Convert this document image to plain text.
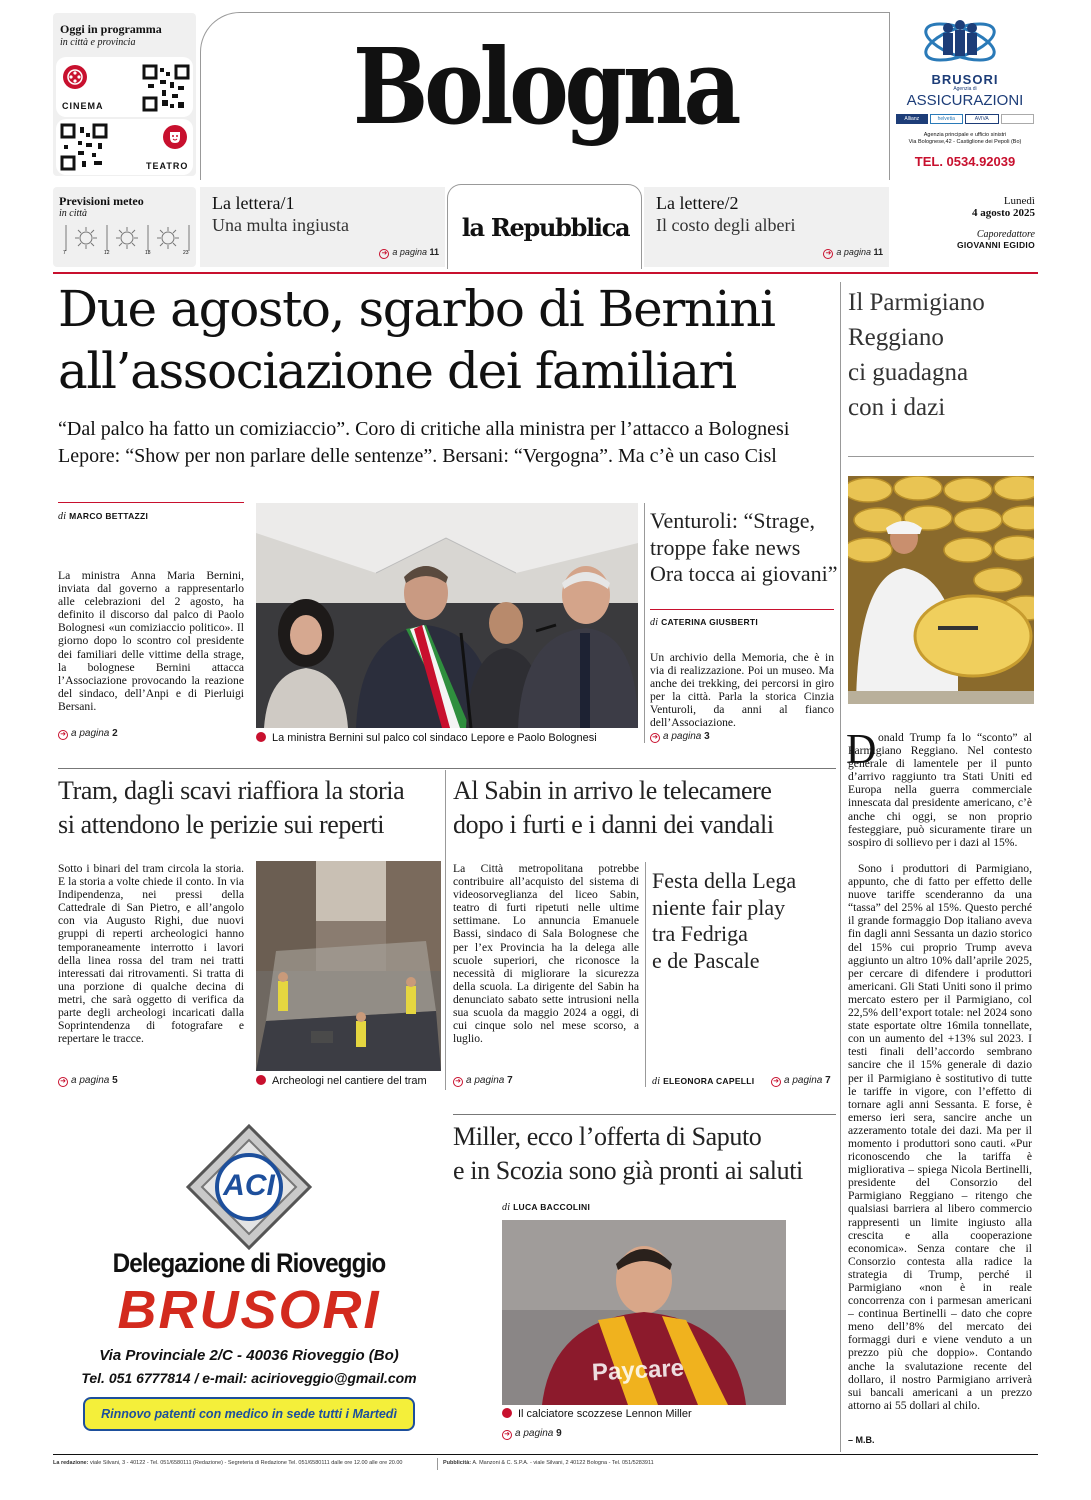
Oggi in programma
in città e provincia
CINEMA
TEATRO
Bologna	BRUSORI
Agenzia di
ASSICURAZIONI
Allianz	helvetia	AVIVA
Agenzia principale e ufficio sinistri
Via Bolognese,42 - Castiglione dei Pepoli (Bo)
TEL. 0534.92039
Previsioni meteo
in città
7	12	18	23
La lettera/1
Una multa ingiusta
➜ a pagina 11
la Repubblica
La lettere/2
Il costo degli alberi
➜ a pagina 11
Lunedì
4 agosto 2025
Caporedattore
GIOVANNI EGIDIO
Due agosto, sgarbo di Bernini
all’associazione dei familiari
“Dal palco ha fatto un comiziaccio”. Coro di critiche alla ministra per l’attacco a Bolognesi
Lepore: “Show per non parlare delle sentenze”. Bersani: “Vergogna”. Ma c’è un caso Cisl
di MARCO BETTAZZI
La ministra Anna Maria Bernini, inviata dal governo a rappresentarlo alle celebrazioni del 2 agosto, ha definito il discorso dal palco di Paolo Bolognesi «un comiziaccio politico». Il giorno dopo lo scontro col presidente dei familiari delle vittime della strage, la bolognese Bernini attacca l’Associazione provocando la reazione del sindaco, dell’Anpi e di Pierluigi Bersani.
➜ a pagina 2	La ministra Bernini sul palco col sindaco Lepore e Paolo Bolognesi
Venturoli: “Strage,
troppe fake news
Ora tocca ai giovani”
di CATERINA GIUSBERTI
Un archivio della Memoria, che è in via di realizzazione. Poi un museo. Ma anche dei trekking, dei percorsi in giro per la città. Parla la storica Cinzia Venturoli, da anni al fianco dell’Associazione.
➜ a pagina 3
Il Parmigiano
Reggiano
ci guadagna
con i dazi
D onald Trump fa lo “sconto” al Parmigiano Reggiano. Nel contesto generale di lamentele per il punto d’arrivo raggiunto tra Stati Uniti ed Europa nella guerra commerciale innescata dal presidente americano, c’è anche chi oggi, se non proprio festeggiare, può sicuramente tirare un sospiro di sollievo per i dazi al 15%.
Sono i produttori di Parmigiano, appunto, che di fatto per effetto delle nuove tariffe scenderanno da una “tassa” del 25% al 15%. Questo perché il grande formaggio Dop italiano aveva fin dagli anni Sessanta un dazio storico del 15% cui proprio Trump aveva aggiunto un altro 10% dall’aprile 2025, per cercare di difendere i produttori americani. Gli Stati Uniti sono il primo mercato estero per il Parmigiano, col 22,5% dell’export totale: nel 2024 sono state esportate oltre 16mila tonnellate, con un aumento del +13% sul 2023. I testi finali dell’accordo sembrano sancire che il 15% generale di dazio per il Parmigiano è sostitutivo di tutte le tariffe in vigore, con l’effetto di tornare agli anni Sessanta. E forse, è emerso ieri sera, sancire anche un azzeramento totale dei dazi. Ma per il momento i produttori sono cauti. «Pur riconoscendo che la tariffa è migliorativa – spiega Nicola Bertinelli, presidente del Consorzio del Parmigiano Reggiano – ritengo che qualsiasi barriera al libero commercio rappresenti un limite ingiusto alla crescita e alla cooperazione economica». Senza contare che il Consorzio contesta alla radice la strategia di Trump, perché il Parmigiano «non è in reale concorrenza con i parmesan americani – continua Bertinelli – dato che copre meno dell’8% del mercato dei formaggi duri e viene venduto a un prezzo più che doppio». Contando anche la svalutazione recente del dollaro, il nostro Parmigiano arriverà sui bancali americani a un prezzo attorno ai 55 dollari al chilo.
– M.B.
Tram, dagli scavi riaffiora la storia
si attendono le perizie sui reperti
Sotto i binari del tram circola la storia. E la storia a volte chiede il conto. In via Indipendenza, nei pressi della Cattedrale di San Pietro, e all’angolo con via Augusto Righi, due nuovi gruppi di reperti archeologici hanno temporaneamente interrotto i lavori della linea rossa del tram nei tratti interessati dai ritrovamenti. Si tratta di una porzione di qualche decina di metri, che sarà oggetto di verifica da parte degli archeologi incaricati dalla Soprintendenza di fotografare e repertare le tracce.
➜ a pagina 5	Archeologi nel cantiere del tram
Al Sabin in arrivo le telecamere
dopo i furti e i danni dei vandali
La Città metropolitana potrebbe contribuire all’acquisto del sistema di videosorveglianza del liceo Sabin, teatro di furti ripetuti nelle ultime settimane. Lo annuncia Emanuele Bassi, sindaco di Sala Bolognese che per l’ex Provincia ha la delega alle scuole superiori, che riconosce la necessità di migliorare la sicurezza della scuola. La dirigente del Sabin ha denunciato sabato sette intrusioni nella sua scuola da maggio 2024 a oggi, di cui cinque solo nel mese scorso, a luglio.
➜ a pagina 7
Festa della Lega
niente fair play
tra Fedriga
e de Pascale
di ELEONORA CAPELLI	➜ a pagina 7
ACI
Delegazione di Rioveggio
BRUSORI
Via Provinciale 2/C - 40036 Rioveggio (Bo)
Tel. 051 6777814 / e-mail: acirioveggio@gmail.com
Rinnovo patenti con medico in sede tutti i Martedì
Miller, ecco l’offerta di Saputo
e in Scozia sono già pronti ai saluti
di LUCA BACCOLINI
Paycare
Il calciatore scozzese Lennon Miller
➜ a pagina 9
La redazione: viale Silvani, 3 - 40122 - Tel. 051/6580111 (Redazione) - Segreteria di Redazione Tel. 051/6580111 dalle ore 12.00 alle ore 20.00	Pubblicità: A. Manzoni & C. S.P.A. - viale Silvani, 2 40122 Bologna - Tel. 051/5283911
